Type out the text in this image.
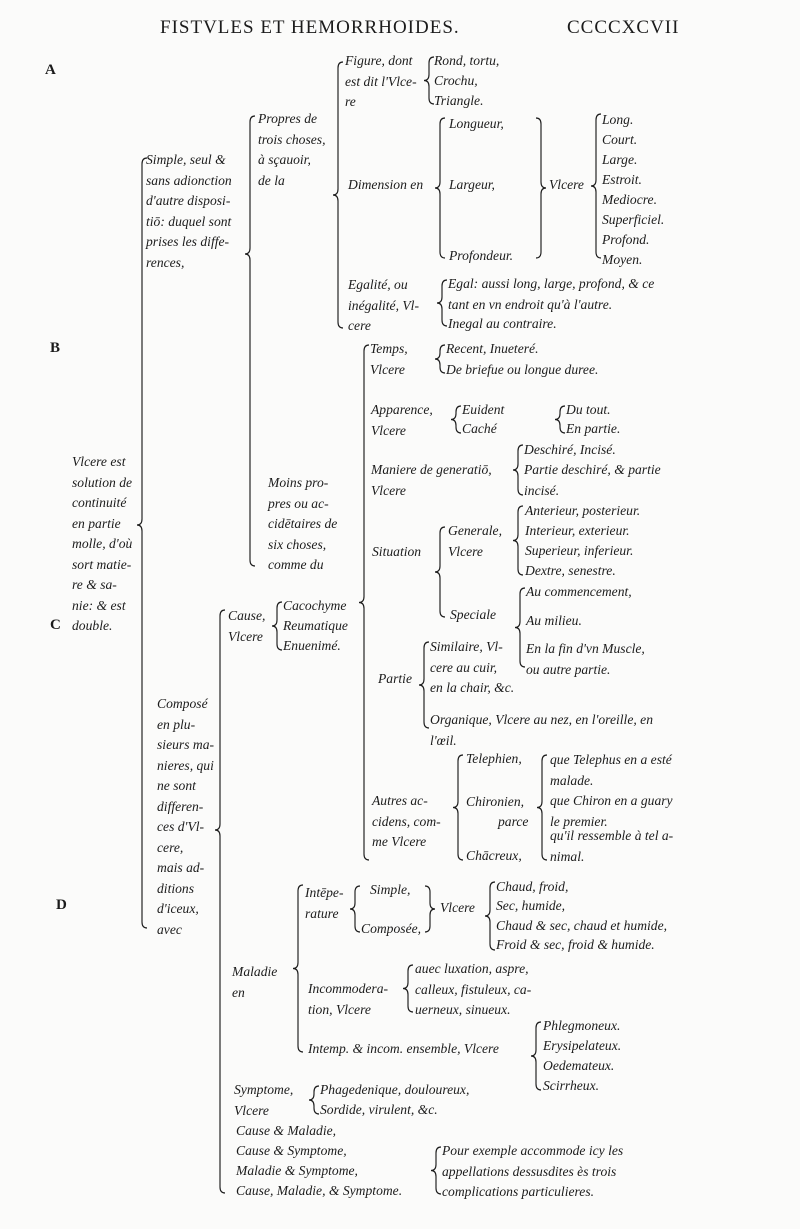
FISTVLES ET HEMORRHOIDES.	CCCCXCVII
A
B
C
D
Vlcere est
solution de
continuité
en partie
molle, d'où
sort matie-
re & sa-
nie: & est
double.
Simple, seul &
sans adionction
d'autre disposi-
tiō: duquel sont
prises les diffe-
rences,
Propres de
trois choses,
à sçauoir,
de la
Figure, dont
est dit l'Vlce-
re
Rond, tortu,
Crochu,
Triangle.
Dimension en
Longueur,
Largeur,
Profondeur.
Vlcere
Long.
Court.
Large.
Estroit.
Mediocre.
Superficiel.
Profond.
Moyen.
Egalité, ou
inégalité, Vl-
cere
Egal: aussi long, large, profond, & ce
tant en vn endroit qu'à l'autre.
Inegal au contraire.
Moins pro-
pres ou ac-
cidētaires de
six choses,
comme du
Temps,
Vlcere
Recent, Inueteré.
De briefue ou longue duree.
Apparence,
Vlcere
Euident
Caché
Du tout.
En partie.
Maniere de generatiō,
Vlcere
Deschiré, Incisé.
Partie deschiré, & partie
incisé.
Situation
Generale,
Vlcere
Anterieur, posterieur.
Interieur, exterieur.
Superieur, inferieur.
Dextre, senestre.
Speciale
Au commencement,
Au milieu.
En la fin d'vn Muscle,
ou autre partie.
Partie
Similaire, Vl-
cere au cuir,
en la chair, &c.
Organique, Vlcere au nez, en l'oreille, en
l'œil.
Autres ac-
cidens, com-
me Vlcere
Telephien,
Chironien,
Chācreux,
parce
que Telephus en a esté
malade.
que Chiron en a guary
le premier.
qu'il ressemble à tel a-
nimal.
Composé
en plu-
sieurs ma-
nieres, qui
ne sont
differen-
ces d'Vl-
cere,
mais ad-
ditions
d'iceux,
avec
Cause,
Vlcere
Cacochyme
Reumatique
Enuenimé.
Maladie
en
Intēpe-
rature
Simple,
Composée,
Vlcere
Chaud, froid,
Sec, humide,
Chaud & sec, chaud et humide,
Froid & sec, froid & humide.
Incommodera-
tion, Vlcere
auec luxation, aspre,
calleux, fistuleux, ca-
uerneux, sinueux.
Intemp. & incom. ensemble, Vlcere
Phlegmoneux.
Erysipelateux.
Oedemateux.
Scirrheux.
Symptome,
Vlcere
Phagedenique, douloureux,
Sordide, virulent, &c.
Cause & Maladie,
Cause & Symptome,
Maladie & Symptome,
Cause, Maladie, & Symptome.
Pour exemple accommode icy les
appellations dessusdites ès trois
complications particulieres.
